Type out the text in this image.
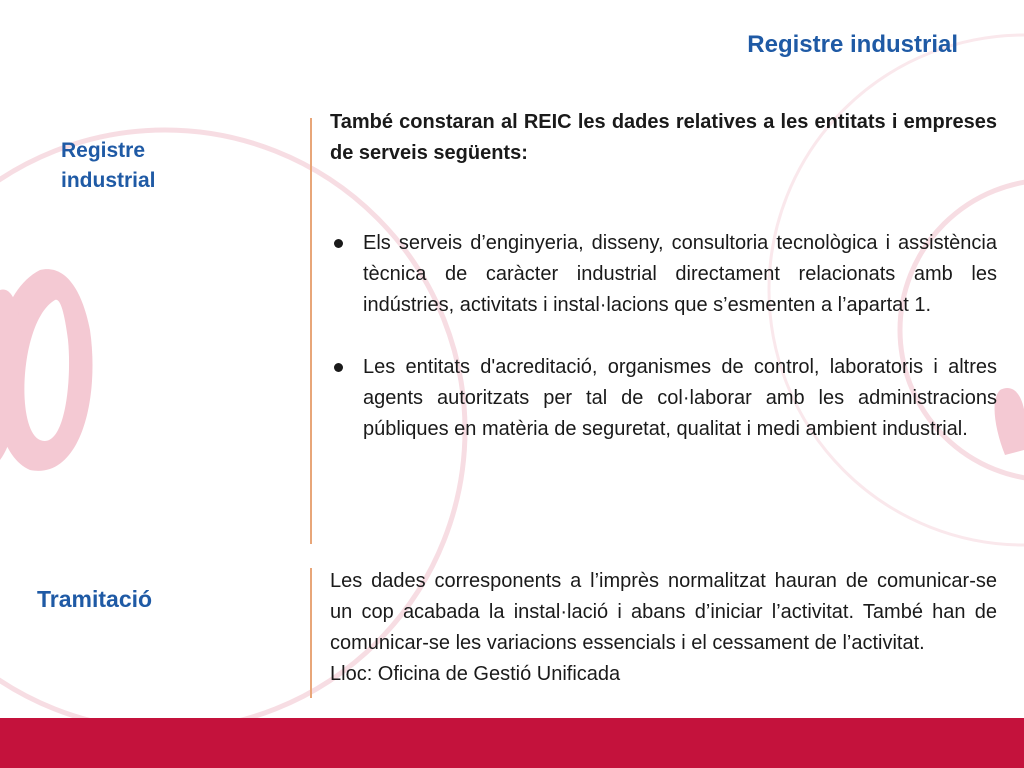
Registre industrial
Registre industrial
Tramitació
També constaran al REIC les dades relatives a les entitats i empreses de serveis següents:
Els serveis d’enginyeria, disseny, consultoria tecnològica i assistència tècnica de caràcter industrial directament relacionats amb les indústries, activitats i instal·lacions que s’esmenten a l’apartat 1.
Les entitats d'acreditació, organismes de control, laboratoris i altres agents autoritzats per tal de col·laborar amb les administracions públiques en matèria de seguretat, qualitat i medi ambient industrial.

Les dades corresponents a l’imprès normalitzat hauran de comunicar-se un cop acabada la instal·lació i abans d’iniciar l’activitat. També han de comunicar-se les variacions essencials i el cessament de l’activitat.

Lloc: Oficina de Gestió Unificada
